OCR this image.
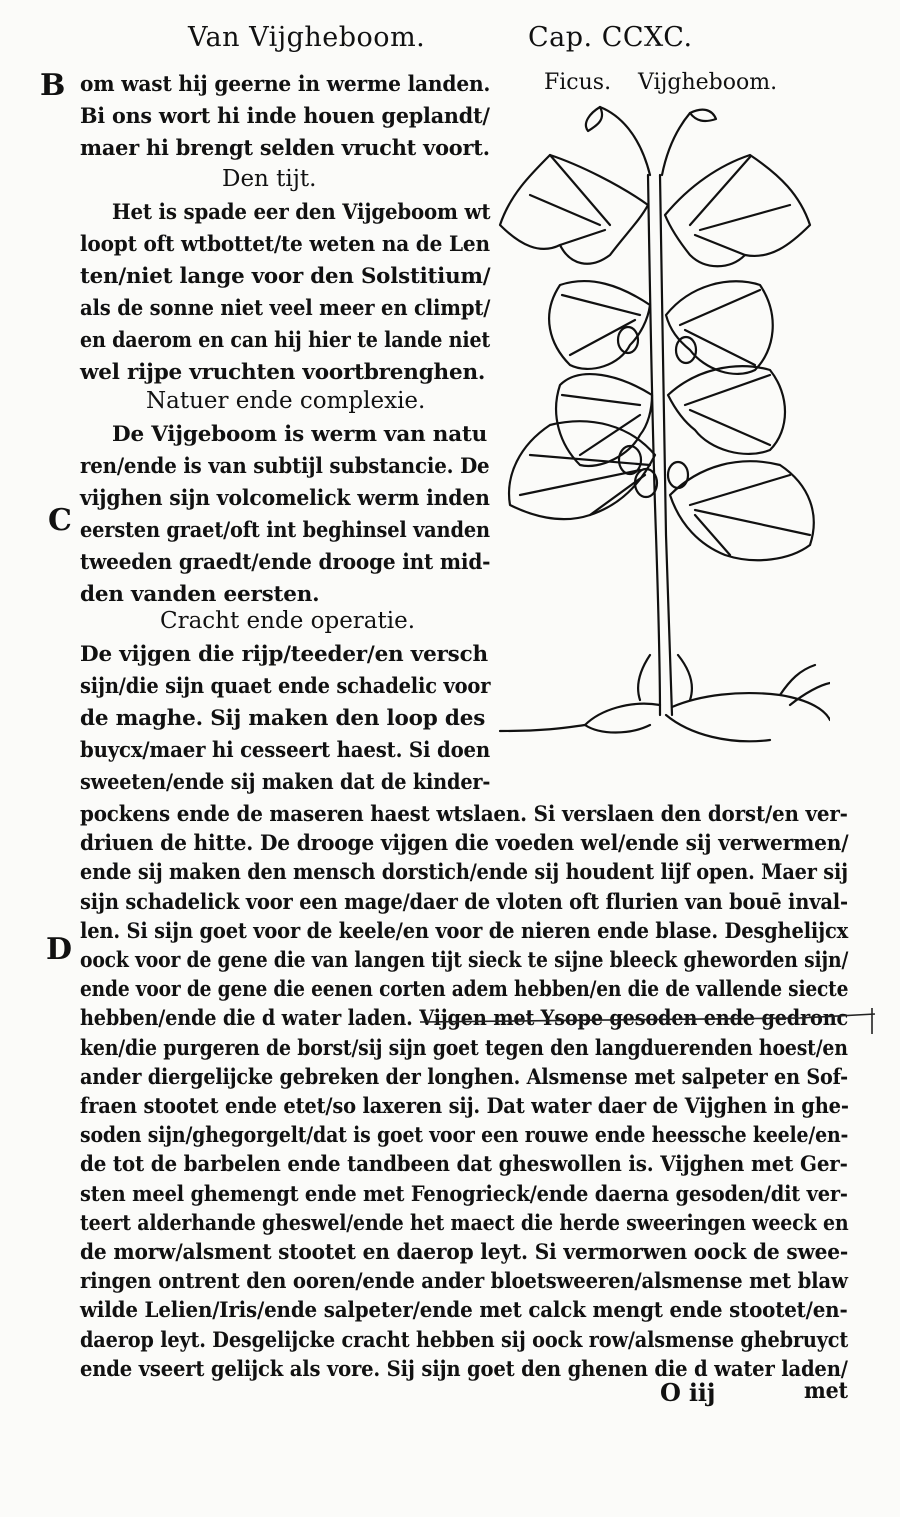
Van Vijgheboom.	Cap. CCXC.
Ficus. Vijgheboom.
B
C
D
om wast hij geerne in werme landen.
Bi ons wort hi inde houen geplandt/
maer hi brengt selden vrucht voort.
Den tijt.
Het is spade eer den Vijgeboom wt
loopt oft wtbottet/te weten na de Len
ten/niet lange voor den Solstitium/
als de sonne niet veel meer en climpt/
en daerom en can hij hier te lande niet
wel rijpe vruchten voortbrenghen.
Natuer ende complexie.
De Vijgeboom is werm van natu
ren/ende is van subtijl substancie. De
vijghen sijn volcomelick werm inden
eersten graet/oft int beghinsel vanden
tweeden graedt/ende drooge int mid-
den vanden eersten.
Cracht ende operatie.
De vijgen die rijp/teeder/en versch
sijn/die sijn quaet ende schadelic voor
de maghe. Sij maken den loop des
buycx/maer hi cesseert haest. Si doen
sweeten/ende sij maken dat de kinder-
pockens ende de maseren haest wtslaen. Si verslaen den dorst/en ver-
driuen de hitte. De drooge vijgen die voeden wel/ende sij verwermen/
ende sij maken den mensch dorstich/ende sij houdent lijf open. Maer sij
sijn schadelick voor een mage/daer de vloten oft flurien van bouē inval-
len. Si sijn goet voor de keele/en voor de nieren ende blase. Desghelijcx
oock voor de gene die van langen tijt sieck te sijne bleeck gheworden sijn/
ende voor de gene die eenen corten adem hebben/en die de vallende siecte
hebben/ende die d water laden. Vijgen met Ysope gesoden ende gedronc
ken/die purgeren de borst/sij sijn goet tegen den langduerenden hoest/en
ander diergelijcke gebreken der longhen. Alsmense met salpeter en Sof-
fraen stootet ende etet/so laxeren sij. Dat water daer de Vijghen in ghe-
soden sijn/ghegorgelt/dat is goet voor een rouwe ende heessche keele/en-
de tot de barbelen ende tandbeen dat gheswollen is. Vijghen met Ger-
sten meel ghemengt ende met Fenogrieck/ende daerna gesoden/dit ver-
teert alderhande gheswel/ende het maect die herde sweeringen weeck en
de morw/alsment stootet en daerop leyt. Si vermorwen oock de swee-
ringen ontrent den ooren/ende ander bloetsweeren/alsmense met blaw
wilde Lelien/Iris/ende salpeter/ende met calck mengt ende stootet/en-
daerop leyt. Desgelijcke cracht hebben sij oock row/alsmense ghebruyct
ende vseert gelijck als vore. Sij sijn goet den ghenen die d water laden/
O iij	met
